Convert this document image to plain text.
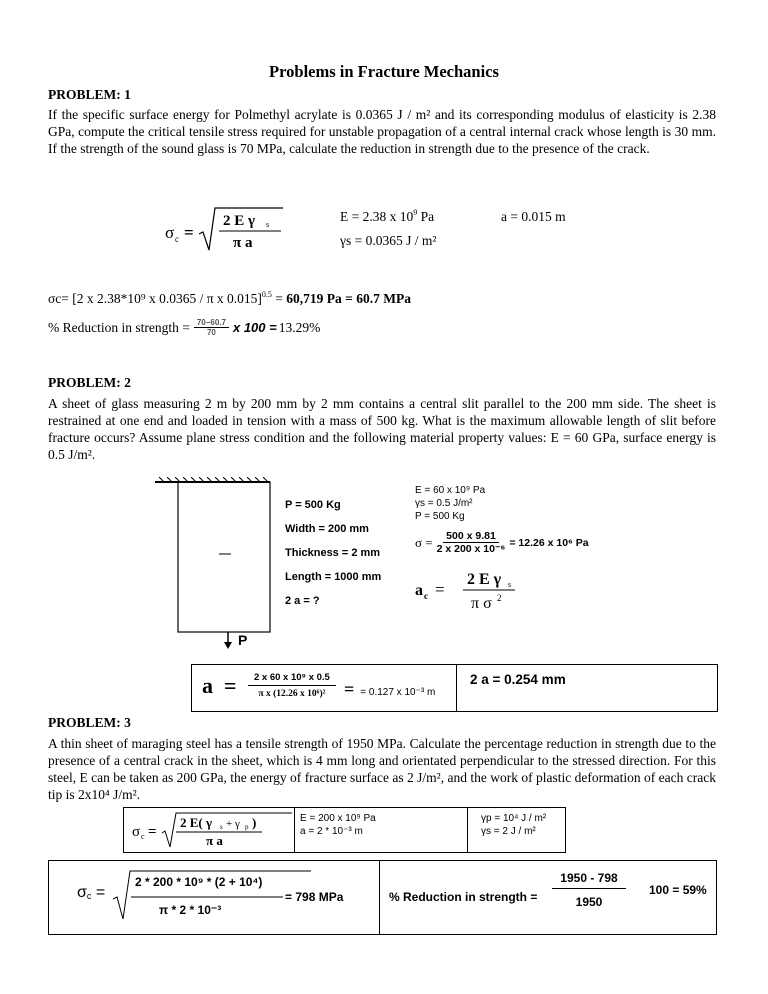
Problems in Fracture Mechanics
PROBLEM: 1
If the specific surface energy for Polmethyl acrylate is 0.0365 J / m² and its corresponding modulus of elasticity is 2.38 GPa, compute the critical tensile stress required for unstable propagation of a central internal crack whose length is 30 mm. If the strength of the sound glass is 70 MPa, calculate the reduction in strength due to the presence of the crack.
σ c =
2 E γ s
π a
E = 2.38 x $10^9$ Pa	a = 0.015 m
γs = 0.0365 J / m²
σc= [2 x 2.38*10⁹ x 0.0365 / π x 0.015]$^{0.5}$ = 60,719 Pa = 60.7 MPa
% Reduction in strength = $\frac{70-60.7}{70}$ x 100 = 13.29%
PROBLEM: 2
A sheet of glass measuring 2 m by 200 mm by 2 mm contains a central slit parallel to the 200 mm side. The sheet is restrained at one end and loaded in tension with a mass of 500 kg. What is the maximum allowable length of slit before fracture occurs? Assume plane stress condition and the following material property values: E = 60 GPa, surface energy is 0.5 J/m².
P
P = 500 Kg
Width = 200 mm
Thickness = 2 mm
Length = 1000 mm
2 a = ?
E = 60 x 10⁹ Pa
γs = 0.5 J/m²
P = 500 Kg
$\sigma = \frac{500 x 9.81}{\text{2 x 200 x 10⁻⁶}} = 12.26$ x 10⁶ Pa
a c =
2 E γ s
π σ 2
a =	2 x 60 x 10⁹ x 0.5
π x (12.26 x 10⁶)² = = 0.127 x 10⁻³ m
2 a = 0.254 mm
PROBLEM: 3
A thin sheet of maraging steel has a tensile strength of 1950 MPa. Calculate the percentage reduction in strength due to the presence of a central crack in the sheet, which is 4 mm long and orientated perpendicular to the stressed direction. For this steel, E can be taken as 200 GPa, the energy of fracture surface as 2 J/m², and the work of plastic deformation of each crack tip is 2x10⁴ J/m².
σ c =
2 E( γ s + γ p )
π a
E = 200 x 10⁹ Pa
a = 2 * 10⁻³ m
γp = 10⁴ J / m²
γs = 2 J / m²
$\sigma_c$ =
2 * 200 * 10⁹ * (2 + 10⁴)
π * 2 * 10⁻³
= 798 MPa	% Reduction in strength =
1950 - 798
1950
100 = 59%
